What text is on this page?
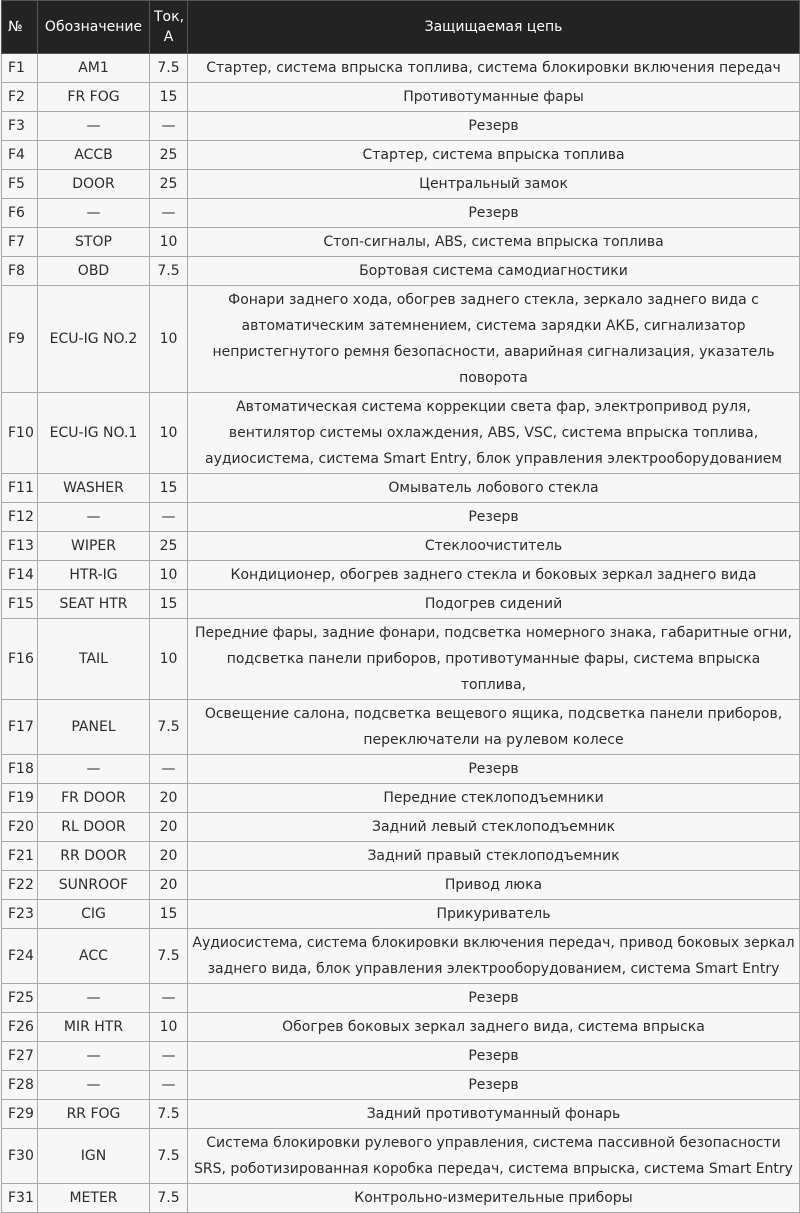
№	Обозначение	Ток, А	Защищаемая цепь
F1	AM1	7.5	Стартер, система впрыска топлива, система блокировки включения передач
F2	FR FOG	15	Противотуманные фары
F3	—	—	Резерв
F4	ACCB	25	Стартер, система впрыска топлива
F5	DOOR	25	Центральный замок
F6	—	—	Резерв
F7	STOP	10	Стоп-сигналы, ABS, система впрыска топлива
F8	OBD	7.5	Бортовая система самодиагностики
F9	ECU-IG NO.2	10	Фонари заднего хода, обогрев заднего стекла, зеркало заднего вида с автоматическим затемнением, система зарядки АКБ, сигнализатор непристегнутого ремня безопасности, аварийная сигнализация, указатель поворота
F10	ECU-IG NO.1	10	Автоматическая система коррекции света фар, электропривод руля, вентилятор системы охлаждения, ABS, VSC, система впрыска топлива, аудиосистема, система Smart Entry, блок управления электрооборудованием
F11	WASHER	15	Омыватель лобового стекла
F12	—	—	Резерв
F13	WIPER	25	Стеклоочиститель
F14	HTR-IG	10	Кондиционер, обогрев заднего стекла и боковых зеркал заднего вида
F15	SEAT HTR	15	Подогрев сидений
F16	TAIL	10	Передние фары, задние фонари, подсветка номерного знака, габаритные огни, подсветка панели приборов, противотуманные фары, система впрыска топлива,
F17	PANEL	7.5	Освещение салона, подсветка вещевого ящика, подсветка панели приборов, переключатели на рулевом колесе
F18	—	—	Резерв
F19	FR DOOR	20	Передние стеклоподъемники
F20	RL DOOR	20	Задний левый стеклоподъемник
F21	RR DOOR	20	Задний правый стеклоподъемник
F22	SUNROOF	20	Привод люка
F23	CIG	15	Прикуриватель
F24	ACC	7.5	Аудиосистема, система блокировки включения передач, привод боковых зеркал заднего вида, блок управления электрооборудованием, система Smart Entry
F25	—	—	Резерв
F26	MIR HTR	10	Обогрев боковых зеркал заднего вида, система впрыска
F27	—	—	Резерв
F28	—	—	Резерв
F29	RR FOG	7.5	Задний противотуманный фонарь
F30	IGN	7.5	Система блокировки рулевого управления, система пассивной безопасности SRS, роботизированная коробка передач, система впрыска, система Smart Entry
F31	METER	7.5	Контрольно-измерительные приборы
